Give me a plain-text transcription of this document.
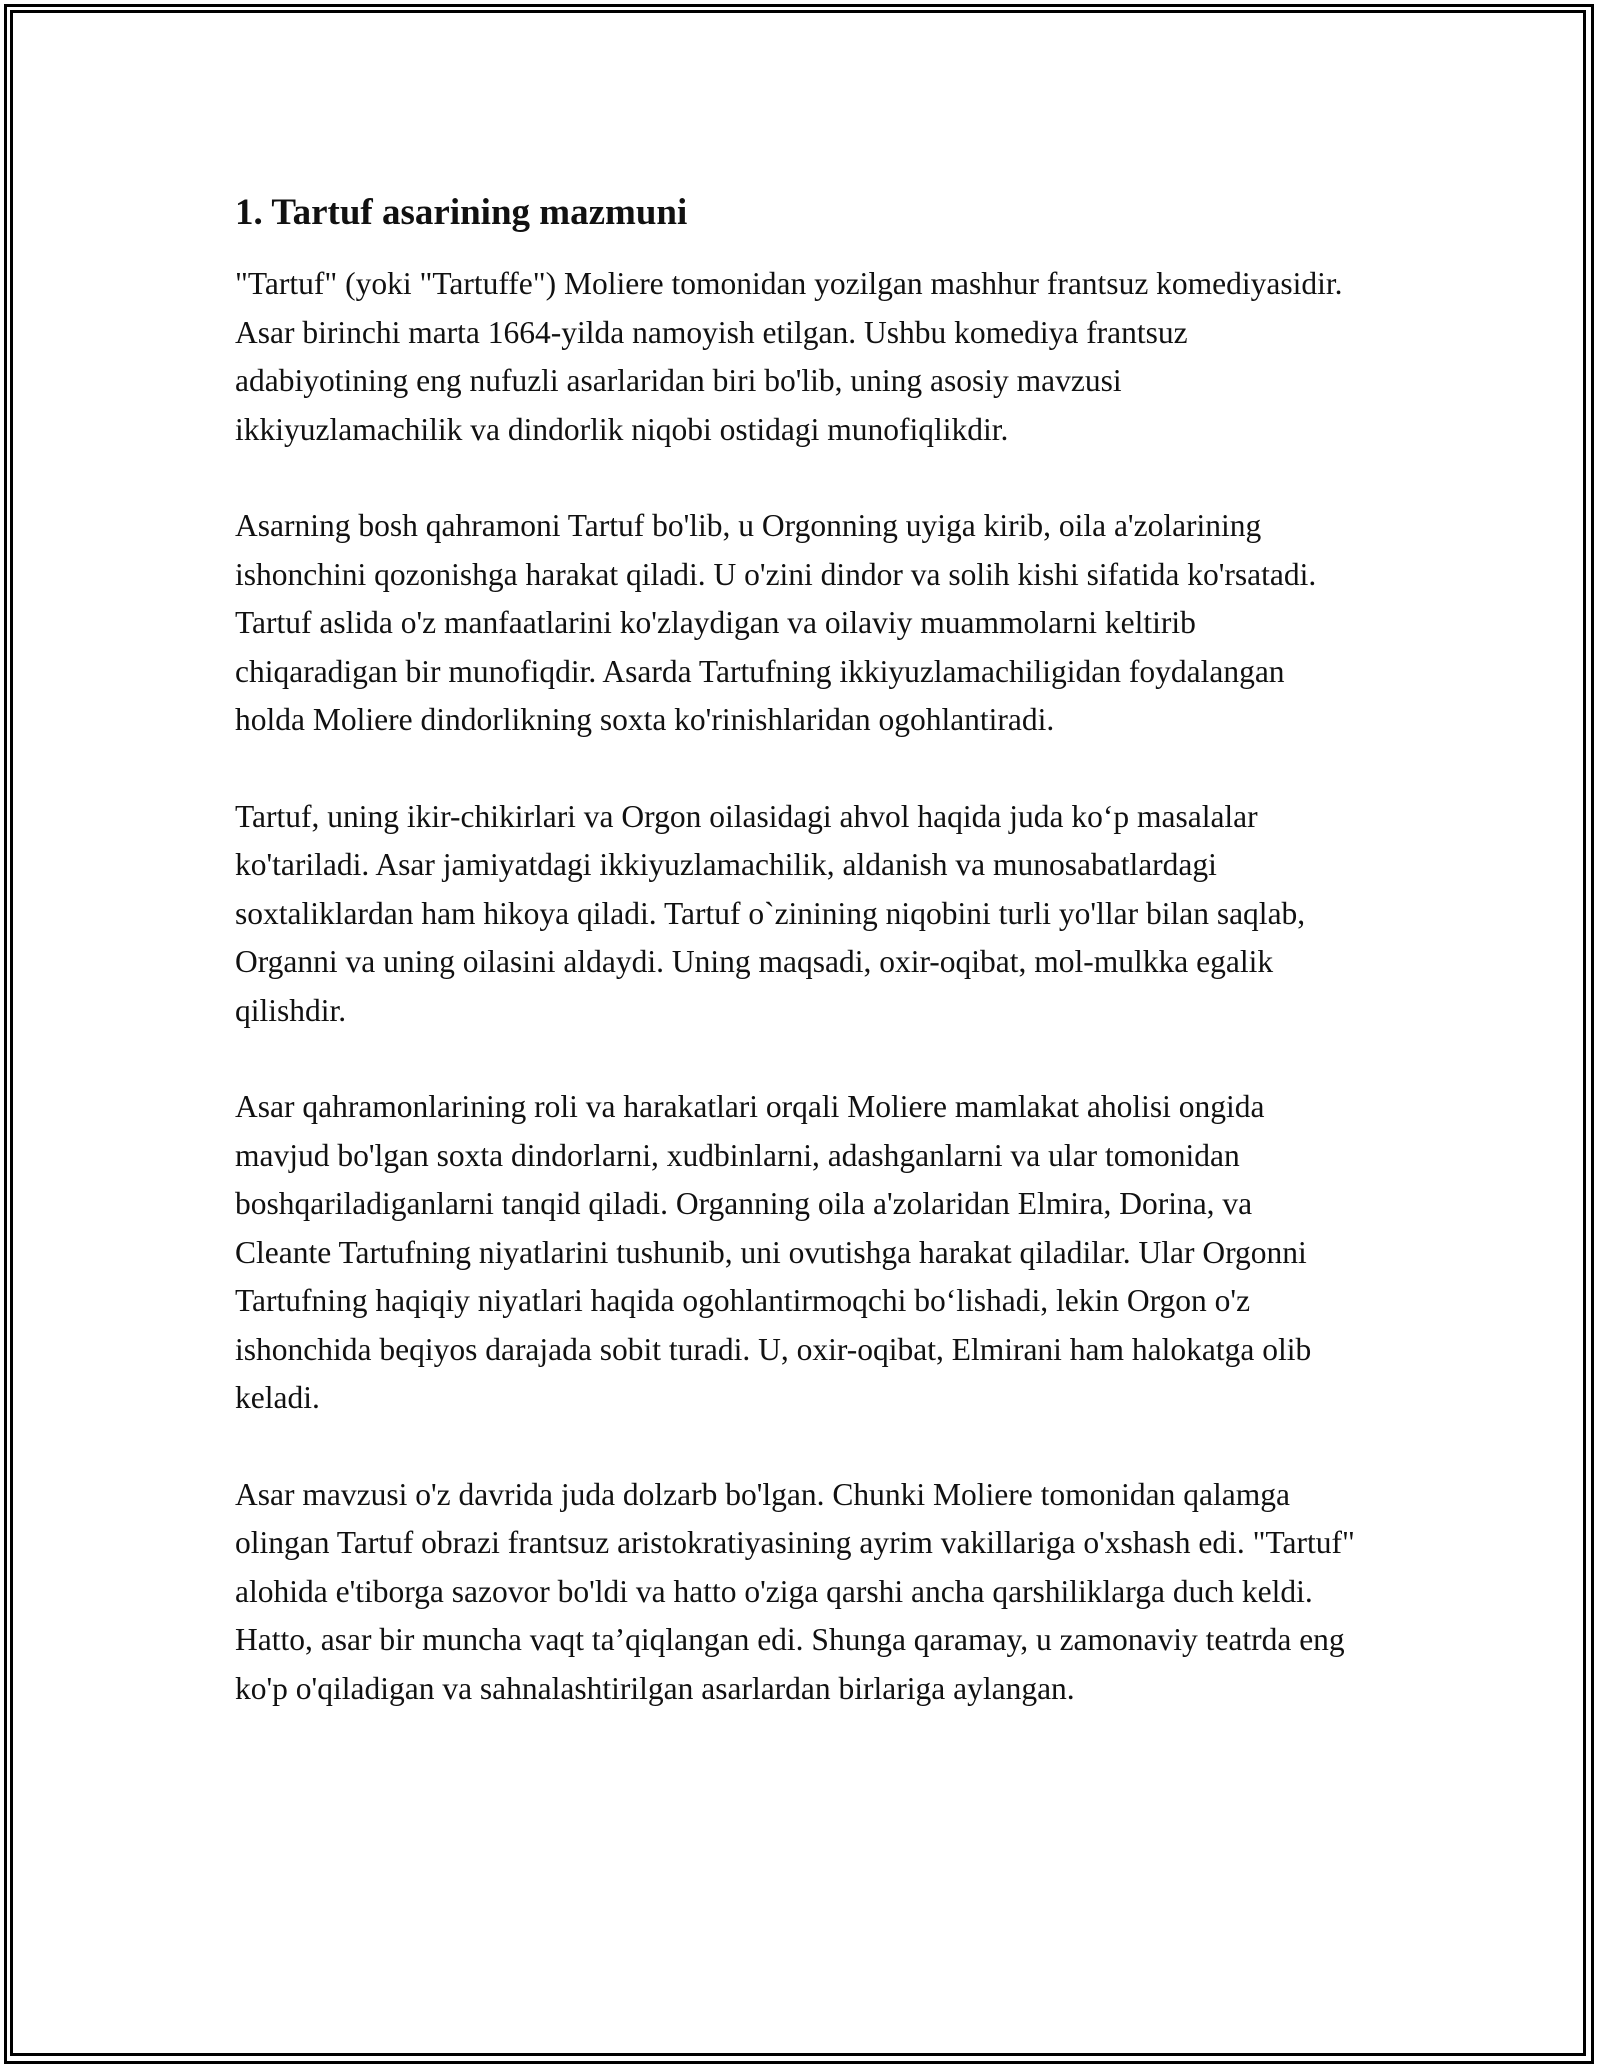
1. Tartuf asarining mazmuni

"Tartuf" (yoki "Tartuffe") Moliere tomonidan yozilgan mashhur frantsuz komediyasidir. Asar birinchi marta 1664-yilda namoyish etilgan. Ushbu komediya frantsuz adabiyotining eng nufuzli asarlaridan biri bo'lib, uning asosiy mavzusi ikkiyuzlamachilik va dindorlik niqobi ostidagi munofiqlikdir.

Asarning bosh qahramoni Tartuf bo'lib, u Orgonning uyiga kirib, oila a'zolarining ishonchini qozonishga harakat qiladi. U o'zini dindor va solih kishi sifatida ko'rsatadi. Tartuf aslida o'z manfaatlarini ko'zlaydigan va oilaviy muammolarni keltirib chiqaradigan bir munofiqdir. Asarda Tartufning ikkiyuzlamachiligidan foydalangan holda Moliere dindorlikning soxta ko'rinishlaridan ogohlantiradi.

Tartuf, uning ikir-chikirlari va Orgon oilasidagi ahvol haqida juda ko‘p masalalar ko'tariladi. Asar jamiyatdagi ikkiyuzlamachilik, aldanish va munosabatlardagi soxtaliklardan ham hikoya qiladi. Tartuf o`zinining niqobini turli yo'llar bilan saqlab, Organni va uning oilasini aldaydi. Uning maqsadi, oxir-oqibat, mol-mulkka egalik qilishdir.

Asar qahramonlarining roli va harakatlari orqali Moliere mamlakat aholisi ongida mavjud bo'lgan soxta dindorlarni, xudbinlarni, adashganlarni va ular tomonidan boshqariladiganlarni tanqid qiladi. Organning oila a'zolaridan Elmira, Dorina, va Cleante Tartufning niyatlarini tushunib, uni ovutishga harakat qiladilar. Ular Orgonni Tartufning haqiqiy niyatlari haqida ogohlantirmoqchi bo‘lishadi, lekin Orgon o'z ishonchida beqiyos darajada sobit turadi. U, oxir-oqibat, Elmirani ham halokatga olib keladi.

Asar mavzusi o'z davrida juda dolzarb bo'lgan. Chunki Moliere tomonidan qalamga olingan Tartuf obrazi frantsuz aristokratiyasining ayrim vakillariga o'xshash edi. "Tartuf" alohida e'tiborga sazovor bo'ldi va hatto o'ziga qarshi ancha qarshiliklarga duch keldi. Hatto, asar bir muncha vaqt ta’qiqlangan edi. Shunga qaramay, u zamonaviy teatrda eng ko'p o'qiladigan va sahnalashtirilgan asarlardan birlariga aylangan.
